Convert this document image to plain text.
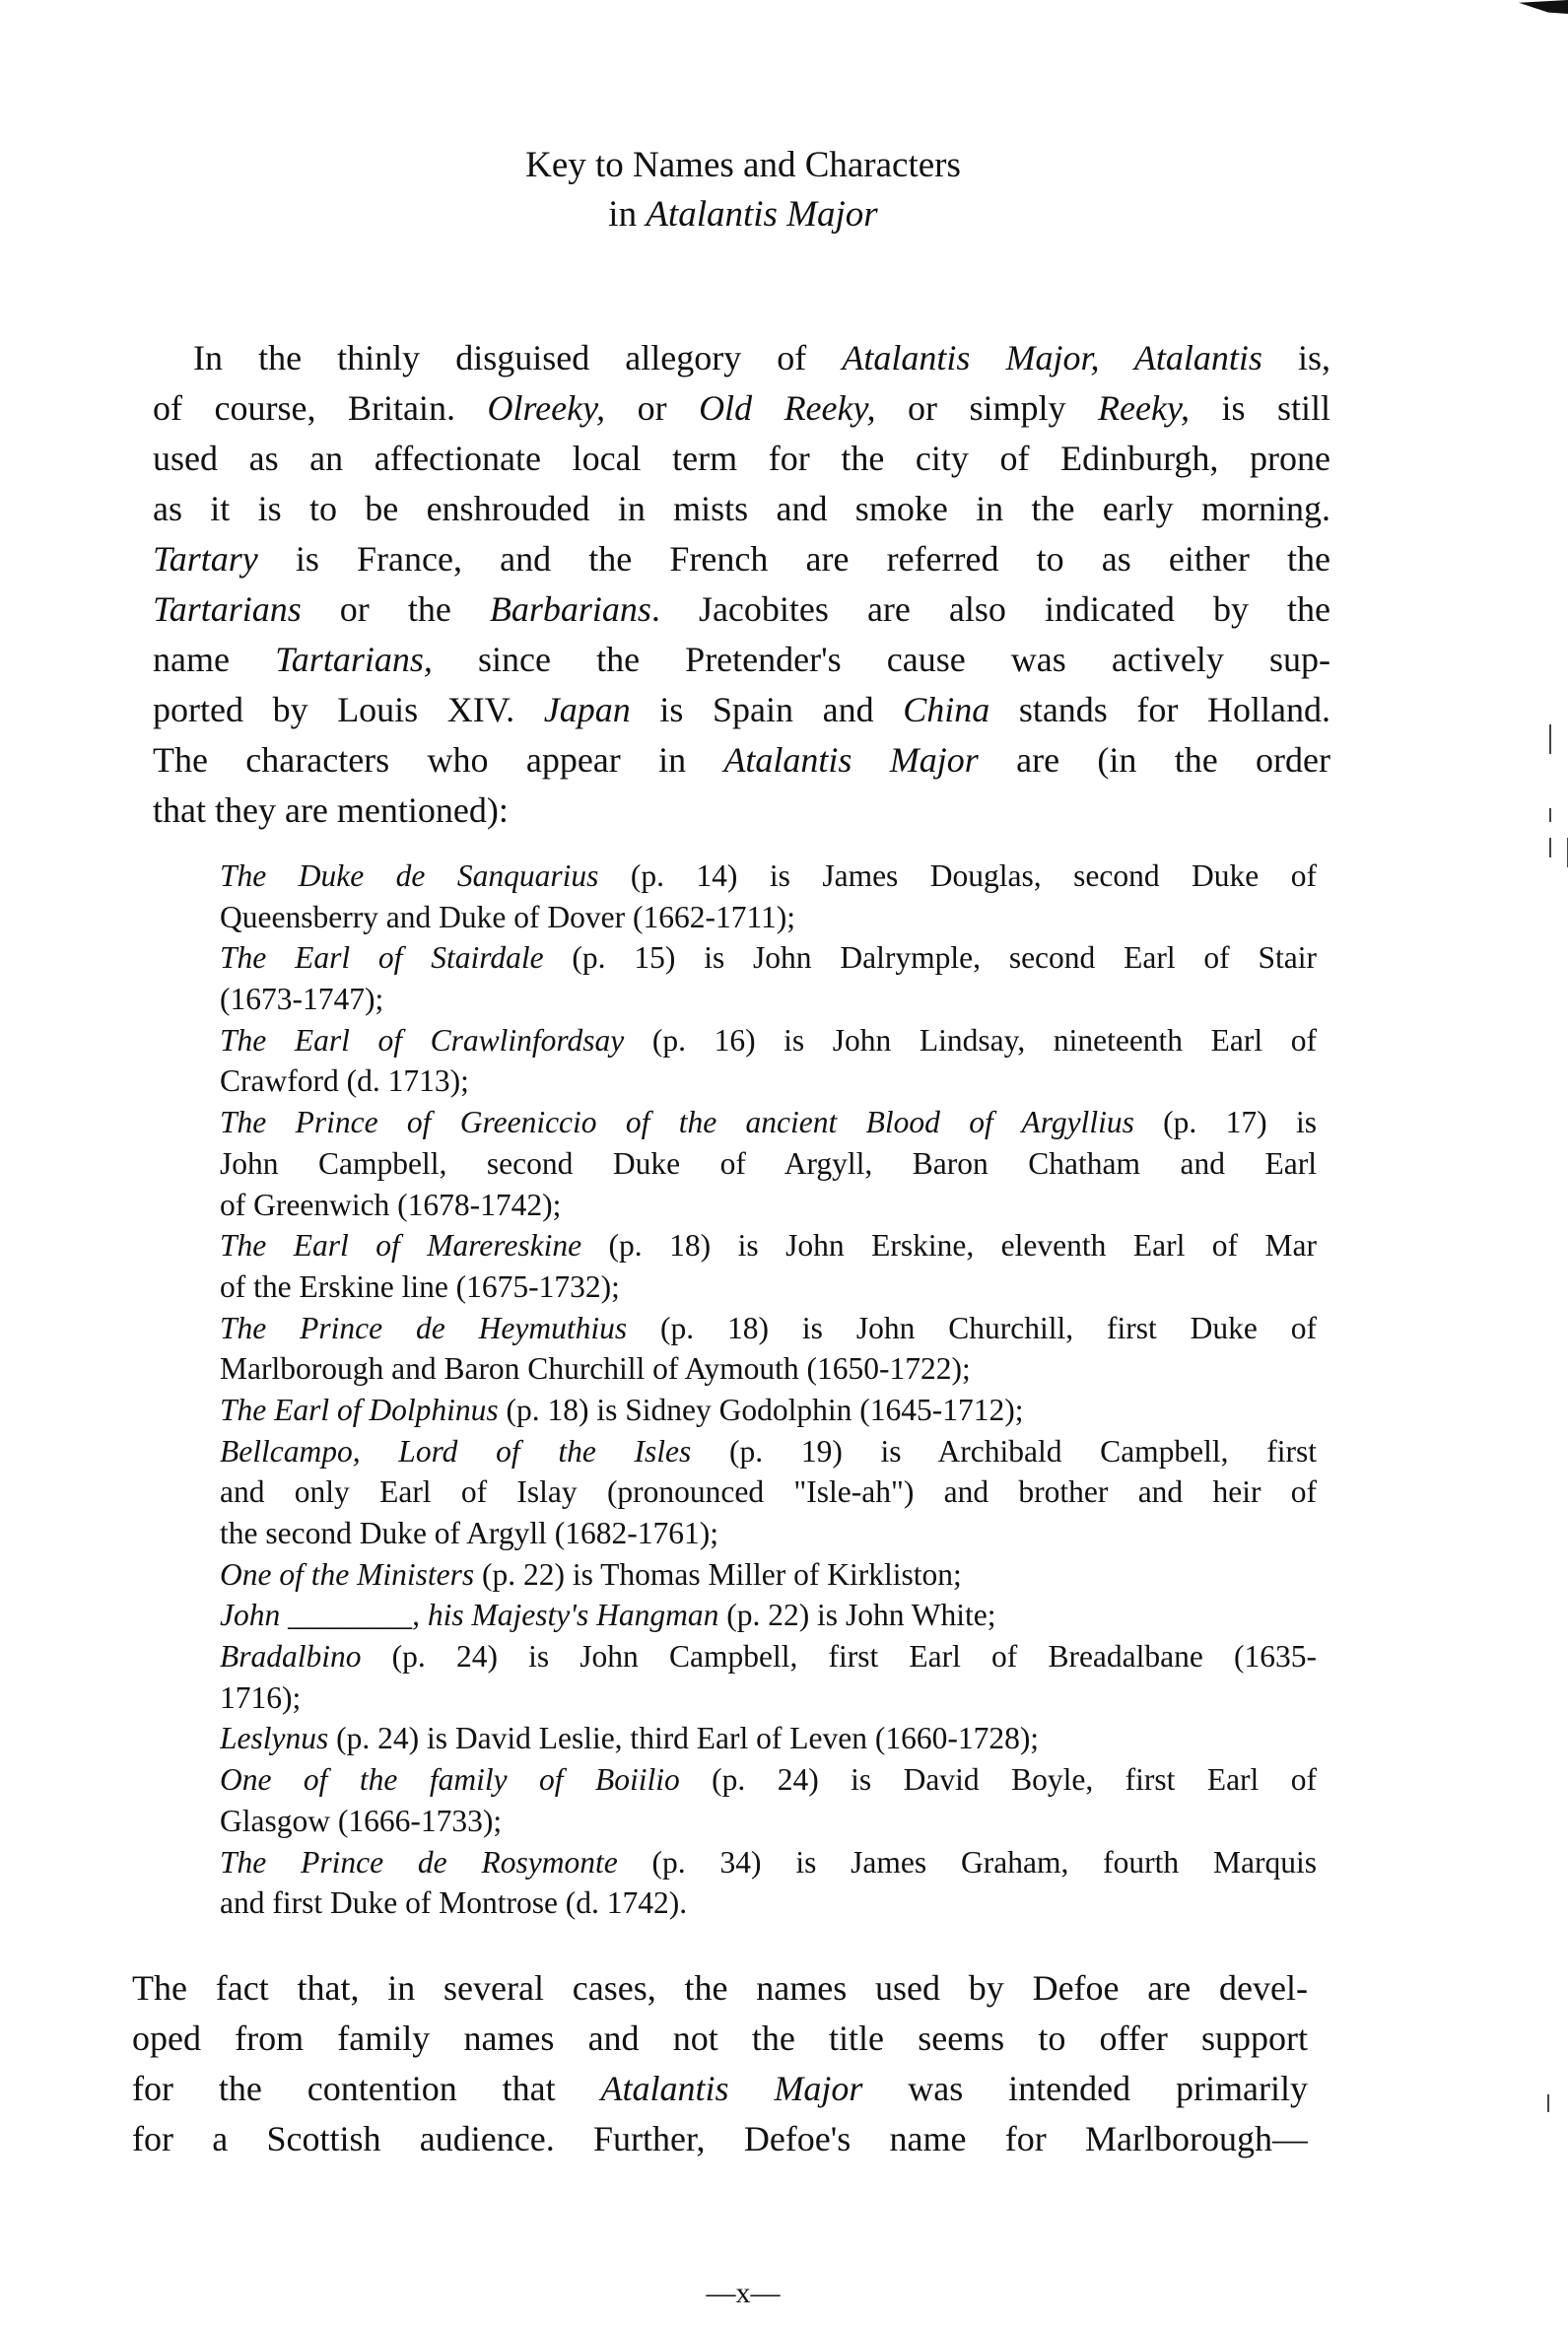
Key to Names and Characters
in Atalantis Major
In the thinly disguised allegory of Atalantis Major, Atalantis is,
of course, Britain. Olreeky, or Old Reeky, or simply Reeky, is still
used as an affectionate local term for the city of Edinburgh, prone
as it is to be enshrouded in mists and smoke in the early morning.
Tartary is France, and the French are referred to as either the
Tartarians or the Barbarians. Jacobites are also indicated by the
name Tartarians, since the Pretender's cause was actively sup-
ported by Louis XIV. Japan is Spain and China stands for Holland.
The characters who appear in Atalantis Major are (in the order
that they are mentioned):
The Duke de Sanquarius (p. 14) is James Douglas, second Duke of
Queensberry and Duke of Dover (1662-1711);
The Earl of Stairdale (p. 15) is John Dalrymple, second Earl of Stair
(1673-1747);
The Earl of Crawlinfordsay (p. 16) is John Lindsay, nineteenth Earl of
Crawford (d. 1713);
The Prince of Greeniccio of the ancient Blood of Argyllius (p. 17) is
John Campbell, second Duke of Argyll, Baron Chatham and Earl
of Greenwich (1678-1742);
The Earl of Marereskine (p. 18) is John Erskine, eleventh Earl of Mar
of the Erskine line (1675-1732);
The Prince de Heymuthius (p. 18) is John Churchill, first Duke of
Marlborough and Baron Churchill of Aymouth (1650-1722);
The Earl of Dolphinus (p. 18) is Sidney Godolphin (1645-1712);
Bellcampo, Lord of the Isles (p. 19) is Archibald Campbell, first
and only Earl of Islay (pronounced "Isle-ah") and brother and heir of
the second Duke of Argyll (1682-1761);
One of the Ministers (p. 22) is Thomas Miller of Kirkliston;
John ________, his Majesty's Hangman (p. 22) is John White;
Bradalbino (p. 24) is John Campbell, first Earl of Breadalbane (1635-
1716);
Leslynus (p. 24) is David Leslie, third Earl of Leven (1660-1728);
One of the family of Boiilio (p. 24) is David Boyle, first Earl of
Glasgow (1666-1733);
The Prince de Rosymonte (p. 34) is James Graham, fourth Marquis
and first Duke of Montrose (d. 1742).
The fact that, in several cases, the names used by Defoe are devel-
oped from family names and not the title seems to offer support
for the contention that Atalantis Major was intended primarily
for a Scottish audience. Further, Defoe's name for Marlborough—
—x—
